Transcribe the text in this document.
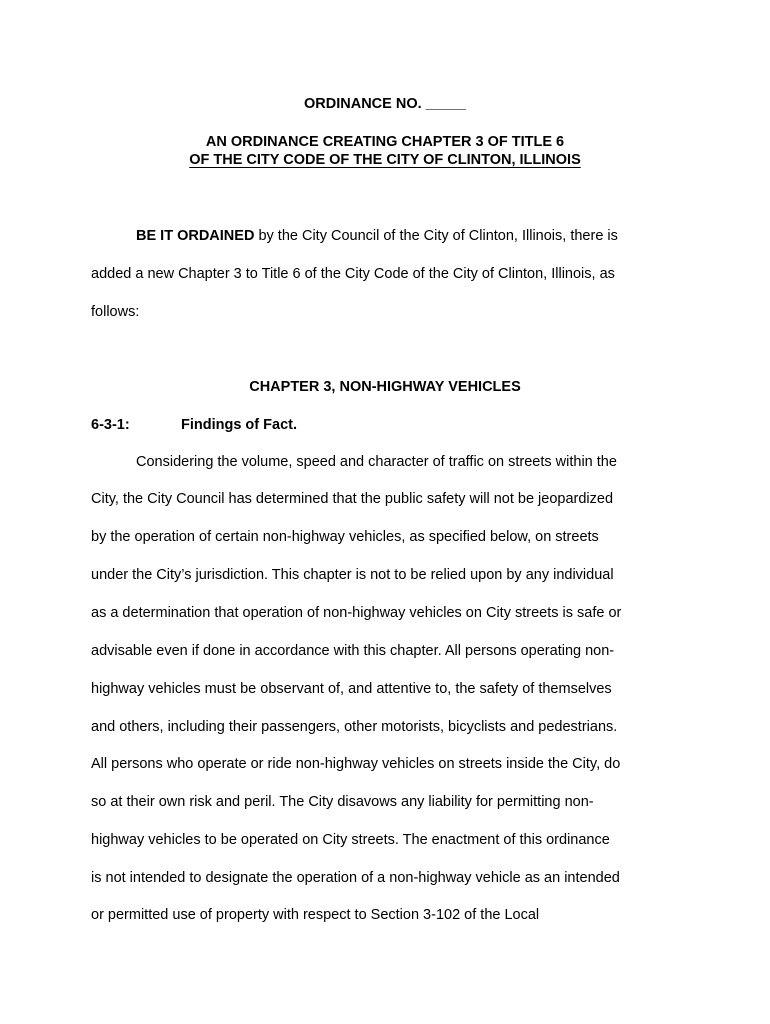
ORDINANCE NO. _____
AN ORDINANCE CREATING CHAPTER 3 OF TITLE 6
OF THE CITY CODE OF THE CITY OF CLINTON, ILLINOIS
BE IT ORDAINED by the City Council of the City of Clinton, Illinois, there is
added a new Chapter 3 to Title 6 of the City Code of the City of Clinton, Illinois, as
follows:
CHAPTER 3, NON-HIGHWAY VEHICLES
6-3-1:	Findings of Fact.
Considering the volume, speed and character of traffic on streets within the
City, the City Council has determined that the public safety will not be jeopardized
by the operation of certain non-highway vehicles, as specified below, on streets
under the City’s jurisdiction. This chapter is not to be relied upon by any individual
as a determination that operation of non-highway vehicles on City streets is safe or
advisable even if done in accordance with this chapter. All persons operating non-
highway vehicles must be observant of, and attentive to, the safety of themselves
and others, including their passengers, other motorists, bicyclists and pedestrians.
All persons who operate or ride non-highway vehicles on streets inside the City, do
so at their own risk and peril. The City disavows any liability for permitting non-
highway vehicles to be operated on City streets. The enactment of this ordinance
is not intended to designate the operation of a non-highway vehicle as an intended
or permitted use of property with respect to Section 3-102 of the Local
